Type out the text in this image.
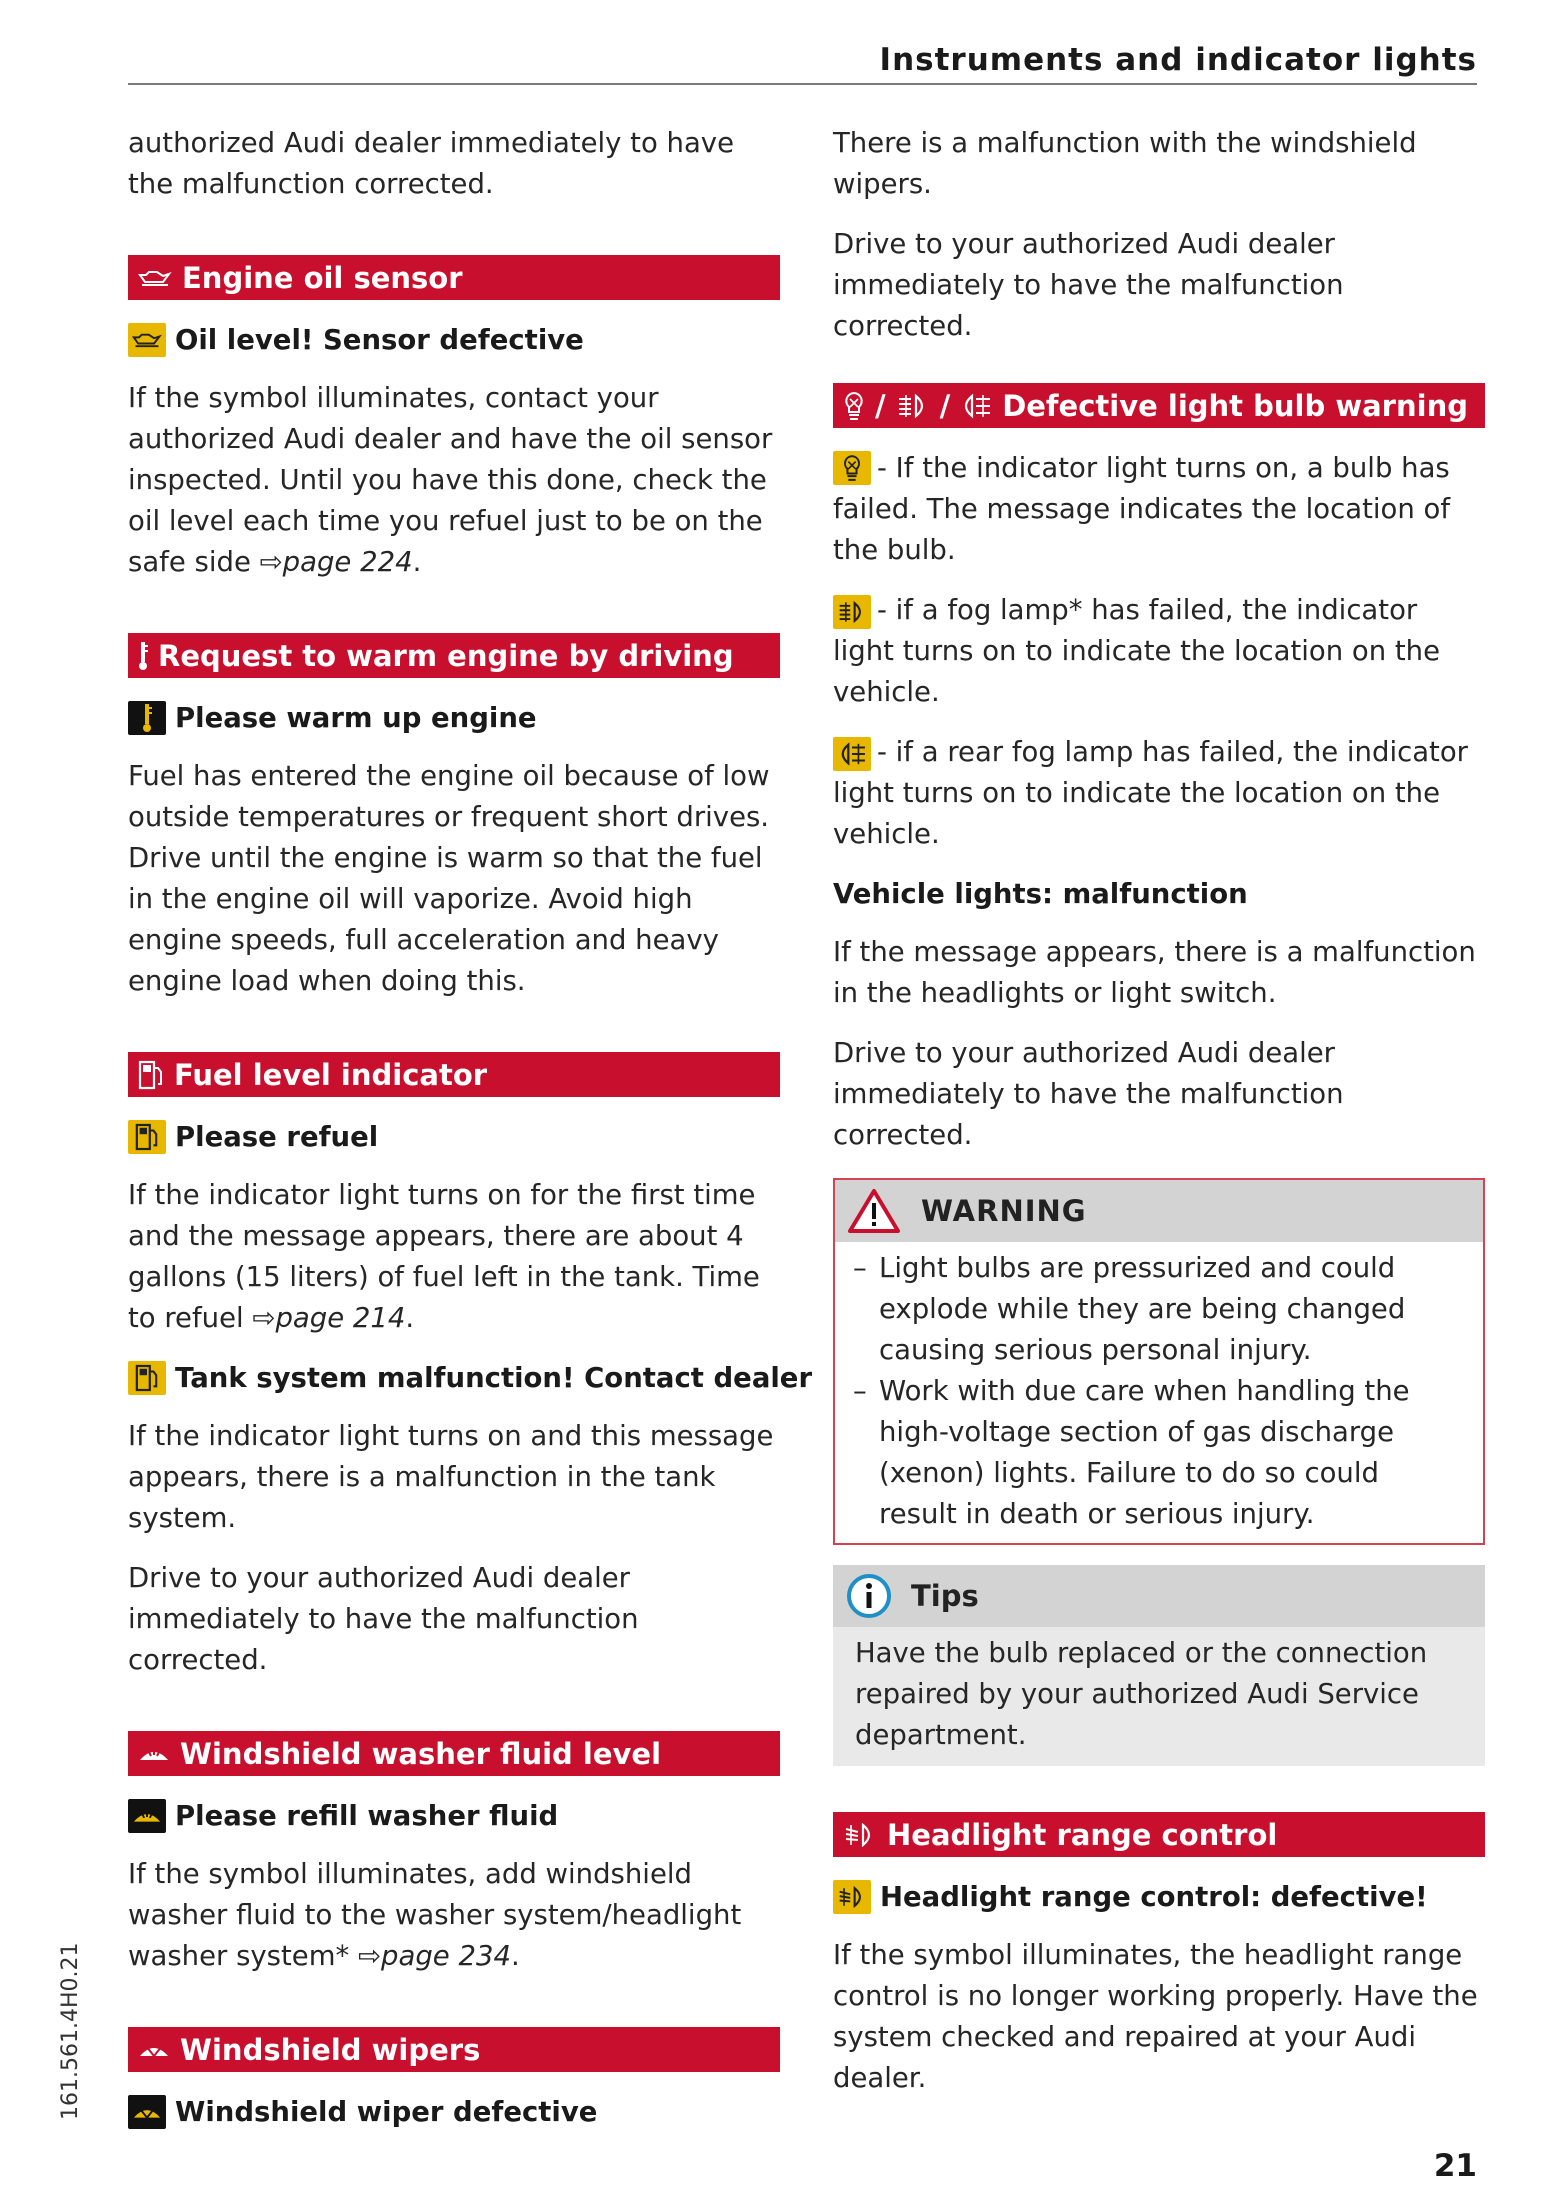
Instruments and indicator lights

authorized Audi dealer immediately to have the malfunction corrected.

Engine oil sensor
Oil level! Sensor defective

If the symbol illuminates, contact your authorized Audi dealer and have the oil sensor inspected. Until you have this done, check the oil level each time you refuel just to be on the safe side ⇨page 224.

Request to warm engine by driving
Please warm up engine

Fuel has entered the engine oil because of low outside temperatures or frequent short drives. Drive until the engine is warm so that the fuel in the engine oil will vaporize. Avoid high engine speeds, full acceleration and heavy engine load when doing this.

Fuel level indicator
Please refuel

If the indicator light turns on for the first time and the message appears, there are about 4 gallons (15 liters) of fuel left in the tank. Time to refuel ⇨page 214.

Tank system malfunction! Contact dealer

If the indicator light turns on and this message appears, there is a malfunction in the tank system.

Drive to your authorized Audi dealer immediately to have the malfunction corrected.

Windshield washer fluid level
Please refill washer fluid

If the symbol illuminates, add windshield washer fluid to the washer system/headlight washer system* ⇨page 234.

Windshield wipers
Windshield wiper defective

There is a malfunction with the windshield wipers.

Drive to your authorized Audi dealer immediately to have the malfunction corrected.

/ / Defective light bulb warning

- If the indicator light turns on, a bulb has failed. The message indicates the location of the bulb.

- if a fog lamp* has failed, the indicator light turns on to indicate the location on the vehicle.

- if a rear fog lamp has failed, the indicator light turns on to indicate the location on the vehicle.

Vehicle lights: malfunction

If the message appears, there is a malfunction in the headlights or light switch.

Drive to your authorized Audi dealer immediately to have the malfunction corrected.

WARNING
– Light bulbs are pressurized and could explode while they are being changed causing serious personal injury.
– Work with due care when handling the high-voltage section of gas discharge (xenon) lights. Failure to do so could result in death or serious injury.
Tips

Have the bulb replaced or the connection repaired by your authorized Audi Service department.

Headlight range control
Headlight range control: defective!

If the symbol illuminates, the headlight range control is no longer working properly. Have the system checked and repaired at your Audi dealer.

161.561.4H0.21
21
